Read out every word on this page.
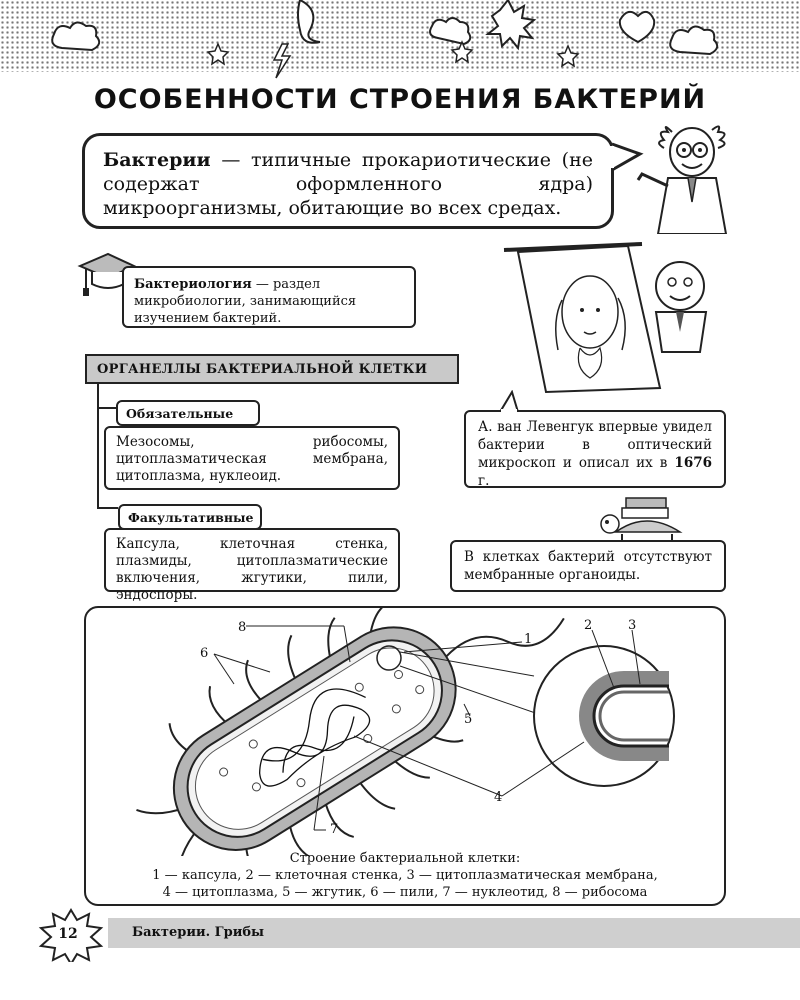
ОСОБЕННОСТИ СТРОЕНИЯ БАКТЕРИЙ
Бактерии — типичные прокариотические (не содержат оформленного ядра) микроорганизмы, обитающие во всех средах.
Бактериология — раздел микробиологии, занимающийся изучением бактерий.
ОРГАНЕЛЛЫ БАКТЕРИАЛЬНОЙ КЛЕТКИ
Обязательные
Мезосомы, рибосомы, цитоплазматическая мембрана, цитоплазма, нуклеоид.
Факультативные
Капсула, клеточная стенка, плазмиды, цитоплазматические включения, жгутики, пили, эндоспоры.
А. ван Левенгук впервые увидел бактерии в оптический микроскоп и описал их в 1676 г.
В клетках бактерий отсутствуют мембранные органоиды.
8
6
1
2	3
5
4
7
Строение бактериальной клетки:
1 — капсула, 2 — клеточная стенка, 3 — цитоплазматическая мембрана,
4 — цитоплазма, 5 — жгутик, 6 — пили, 7 — нуклеотид, 8 — рибосома
12	Бактерии. Грибы
